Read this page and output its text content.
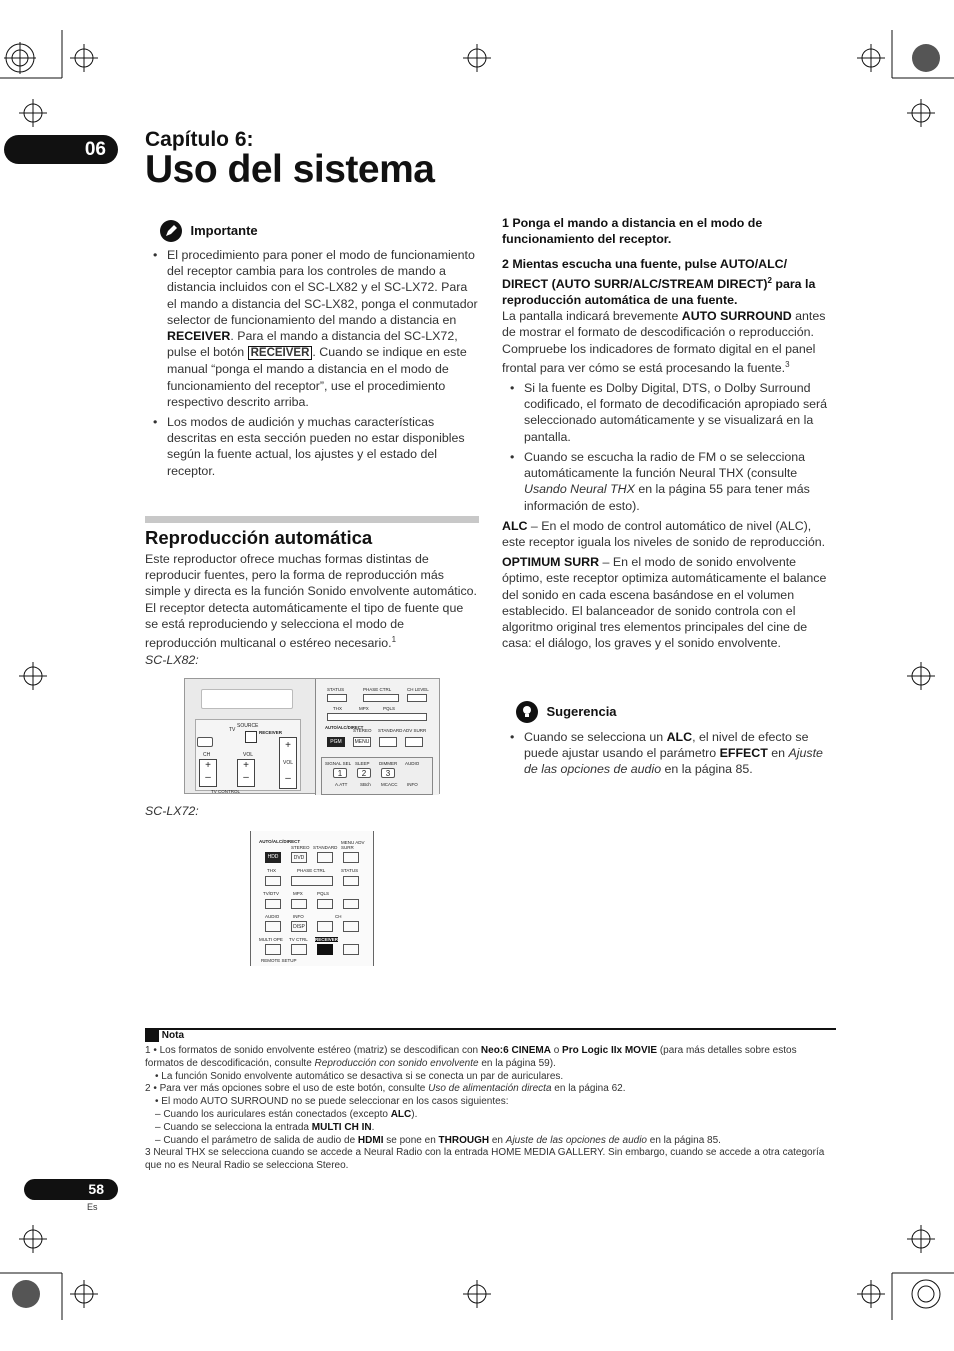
06	Capítulo 6:
Uso del sistema
Importante
• El procedimiento para poner el modo de funcionamiento del receptor cambia para los controles de mando a distancia incluidos con el SC-LX82 y el SC-LX72. Para el mando a distancia del SC-LX82, ponga el conmutador selector de funcionamiento del mando a distancia en RECEIVER. Para el mando a distancia del SC-LX72, pulse el botón RECEIVER . Cuando se indique en este manual “ponga el mando a distancia en el modo de funcionamiento del receptor”, use el procedimiento respectivo descrito arriba.
• Los modos de audición y muchas características descritas en esta sección pueden no estar disponibles según la fuente actual, los ajustes y el estado del receptor.
Reproducción automática
Este reproductor ofrece muchas formas distintas de reproducir fuentes, pero la forma de reproducción más simple y directa es la función Sonido envolvente automático. El receptor detecta automáticamente el tipo de fuente que se está reproduciendo y selecciona el modo de reproducción multicanal o estéreo necesario.$^1$
SC-LX82:
TV
SOURCE
RECEIVER
CH	VOL
+
–
+
–
TV CONTROL
+
VOL
–
STATUS	PHASE CTRL	CH LEVEL
THX	MPX	PQLS
AUTO/ALC/DIRECT
STEREO STANDARD ADV SURR
PGM	MENU
SIGNAL SEL SLEEP DIMMER AUDIO
1	2	3
A.ATT	SBch MCACC INFO
SC-LX72:
AUTO/ALC/DIRECT
STEREO STANDARD
MENU ADV SURR
HDD	DVD
THX	PHASE CTRL	STATUS
TV/DTV	MPX	PQLS
AUDIO	INFO	CH
DISP
MULTI OPE TV CTRL RECEIVER
REMOTE SETUP
1 Ponga el mando a distancia en el modo de funcionamiento del receptor.
2 Mientas escucha una fuente, pulse AUTO/ALC/ DIRECT (AUTO SURR/ALC/STREAM DIRECT)$^2$ para la reproducción automática de una fuente.
La pantalla indicará brevemente AUTO SURROUND antes de mostrar el formato de descodificación o reproducción. Compruebe los indicadores de formato digital en el panel frontal para ver cómo se está procesando la fuente.$^3$
• Si la fuente es Dolby Digital, DTS, o Dolby Surround codificado, el formato de decodificación apropiado será seleccionado automáticamente y se visualizará en la pantalla.
• Cuando se escucha la radio de FM o se selecciona automáticamente la función Neural THX (consulte Usando Neural THX en la página 55 para tener más información de esto).
ALC – En el modo de control automático de nivel (ALC), este receptor iguala los niveles de sonido de reproducción.
OPTIMUM SURR – En el modo de sonido envolvente óptimo, este receptor optimiza automáticamente el balance del sonido en cada escena basándose en el volumen establecido. El balanceador de sonido controla con el algoritmo original tres elementos principales del cine de casa: el diálogo, los graves y el sonido envolvente.
Sugerencia
• Cuando se selecciona un ALC, el nivel de efecto se puede ajustar usando el parámetro EFFECT en Ajuste de las opciones de audio en la página 85.
Nota
1 • Los formatos de sonido envolvente estéreo (matriz) se descodifican con Neo:6 CINEMA o Pro Logic IIx MOVIE (para más detalles sobre estos formatos de descodificación, consulte Reproducción con sonido envolvente en la página 59).
• La función Sonido envolvente automático se desactiva si se conecta un par de auriculares.
2 • Para ver más opciones sobre el uso de este botón, consulte Uso de alimentación directa en la página 62.
• El modo AUTO SURROUND no se puede seleccionar en los casos siguientes:
– Cuando los auriculares están conectados (excepto ALC).
– Cuando se selecciona la entrada MULTI CH IN.
– Cuando el parámetro de salida de audio de HDMI se pone en THROUGH en Ajuste de las opciones de audio en la página 85.
3 Neural THX se selecciona cuando se accede a Neural Radio con la entrada HOME MEDIA GALLERY. Sin embargo, cuando se accede a otra categoría que no es Neural Radio se selecciona Stereo.
58
Es
